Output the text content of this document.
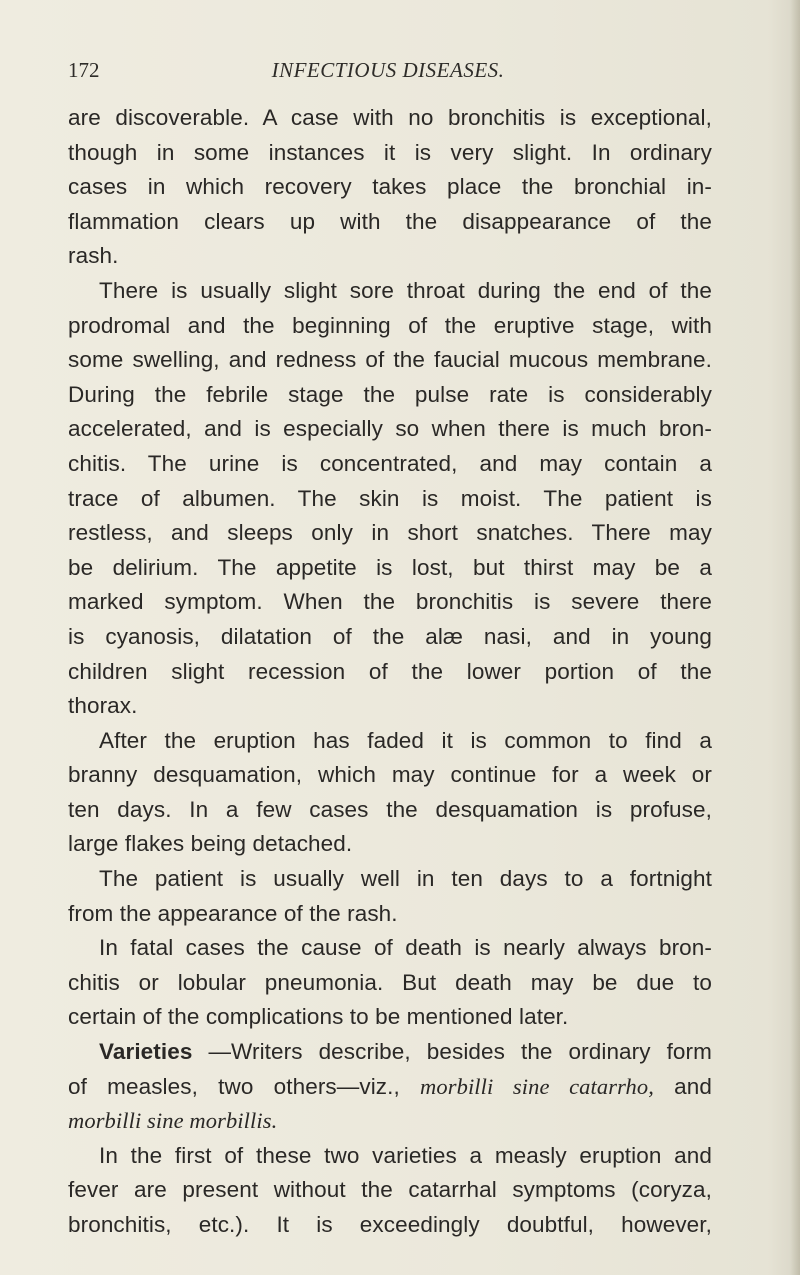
172	INFECTIOUS DISEASES.
are discoverable. A case with no bronchitis is exceptional,
though in some instances it is very slight. In ordinary
cases in which recovery takes place the bronchial in-
flammation clears up with the disappearance of the
rash.
There is usually slight sore throat during the end of the
prodromal and the beginning of the eruptive stage, with
some swelling, and redness of the faucial mucous membrane.
During the febrile stage the pulse rate is considerably
accelerated, and is especially so when there is much bron-
chitis. The urine is concentrated, and may contain a
trace of albumen. The skin is moist. The patient is
restless, and sleeps only in short snatches. There may
be delirium. The appetite is lost, but thirst may be a
marked symptom. When the bronchitis is severe there
is cyanosis, dilatation of the alæ nasi, and in young
children slight recession of the lower portion of the
thorax.
After the eruption has faded it is common to find a
branny desquamation, which may continue for a week or
ten days. In a few cases the desquamation is profuse,
large flakes being detached.
The patient is usually well in ten days to a fortnight
from the appearance of the rash.
In fatal cases the cause of death is nearly always bron-
chitis or lobular pneumonia. But death may be due to
certain of the complications to be mentioned later.
Varieties —Writers describe, besides the ordinary form
of measles, two others—viz., morbilli sine catarrho, and
morbilli sine morbillis.
In the first of these two varieties a measly eruption and
fever are present without the catarrhal symptoms (coryza,
bronchitis, etc.). It is exceedingly doubtful, however,
